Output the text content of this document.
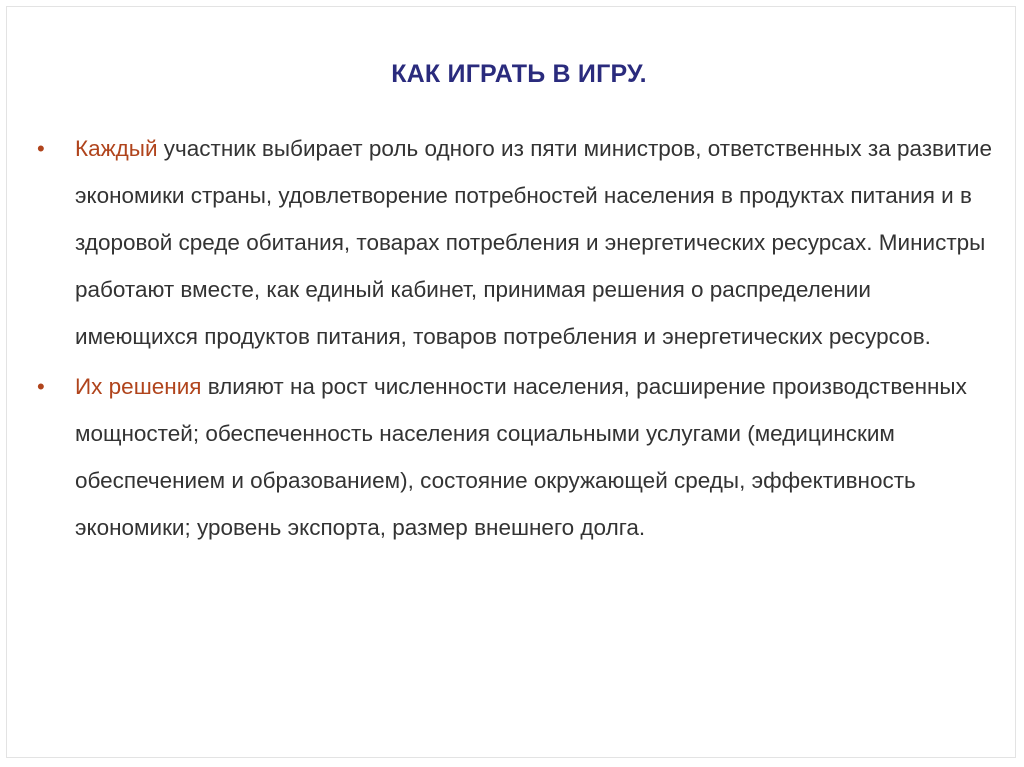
КАК ИГРАТЬ В ИГРУ.
•	Каждый участник выбирает роль одного из пяти министров, ответственных за развитие экономики страны, удовлетворение потребностей населения в продуктах питания и в здоровой среде обитания, товарах потребления и энергетических ресурсах. Министры работают вместе, как единый кабинет, принимая решения о распределении имеющихся продуктов питания, товаров потребления и энергетических ресурсов.
•	Их решения влияют на рост численности населения, расширение производственных мощностей; обеспеченность населения социальными услугами (медицинским обеспечением и образованием), состояние окружающей среды, эффективность экономики; уровень экспорта, размер внешнего долга.
